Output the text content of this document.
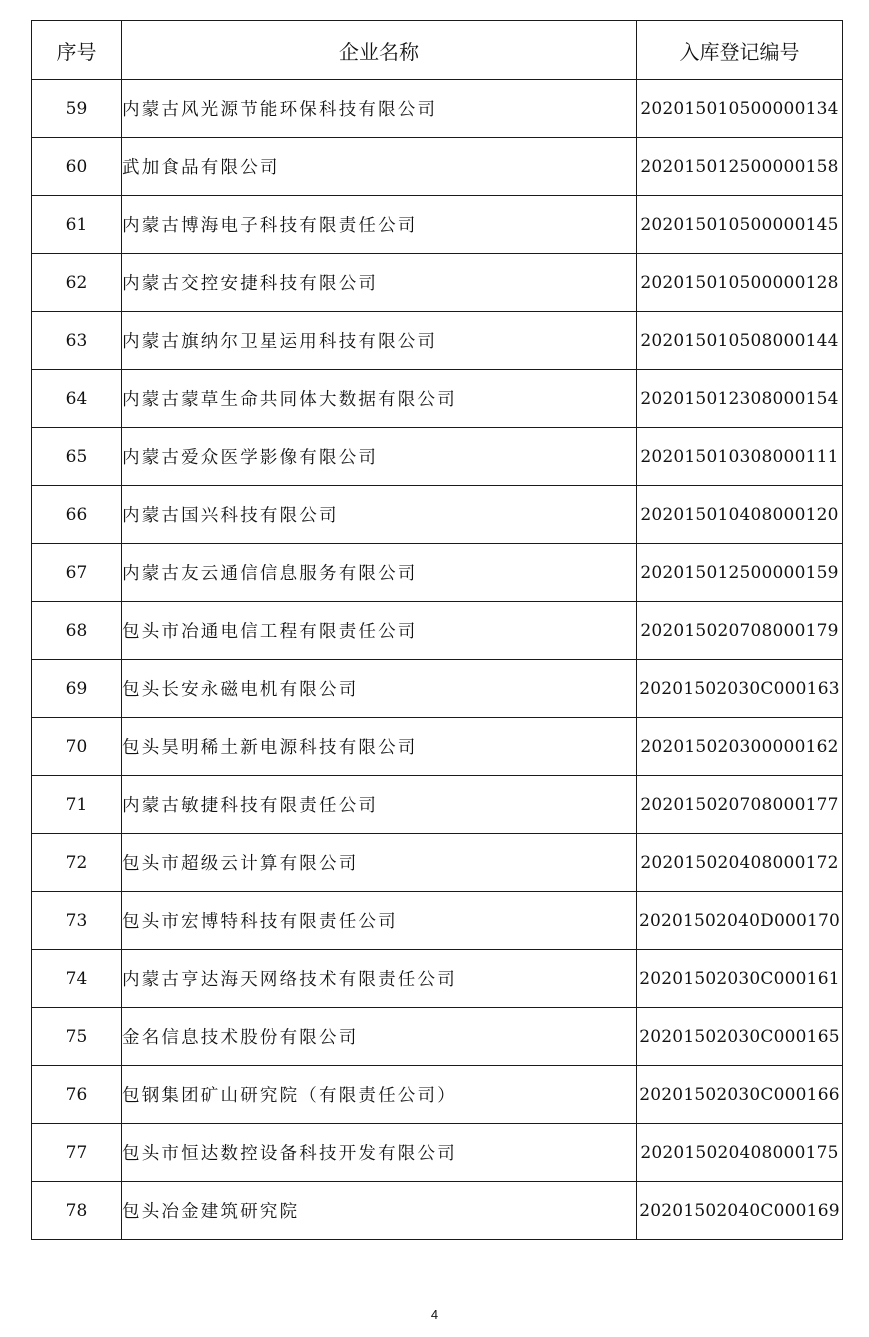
序号	企业名称	入库登记编号
59	内蒙古风光源节能环保科技有限公司	202015010500000134
60	武加食品有限公司	202015012500000158
61	内蒙古博海电子科技有限责任公司	202015010500000145
62	内蒙古交控安捷科技有限公司	202015010500000128
63	内蒙古旗纳尔卫星运用科技有限公司	202015010508000144
64	内蒙古蒙草生命共同体大数据有限公司	202015012308000154
65	内蒙古爱众医学影像有限公司	202015010308000111
66	内蒙古国兴科技有限公司	202015010408000120
67	内蒙古友云通信信息服务有限公司	202015012500000159
68	包头市冶通电信工程有限责任公司	202015020708000179
69	包头长安永磁电机有限公司	20201502030C000163
70	包头昊明稀土新电源科技有限公司	202015020300000162
71	内蒙古敏捷科技有限责任公司	202015020708000177
72	包头市超级云计算有限公司	202015020408000172
73	包头市宏博特科技有限责任公司	20201502040D000170
74	内蒙古亨达海天网络技术有限责任公司	20201502030C000161
75	金名信息技术股份有限公司	20201502030C000165
76	包钢集团矿山研究院（有限责任公司）	20201502030C000166
77	包头市恒达数控设备科技开发有限公司	202015020408000175
78	包头冶金建筑研究院	20201502040C000169
4
